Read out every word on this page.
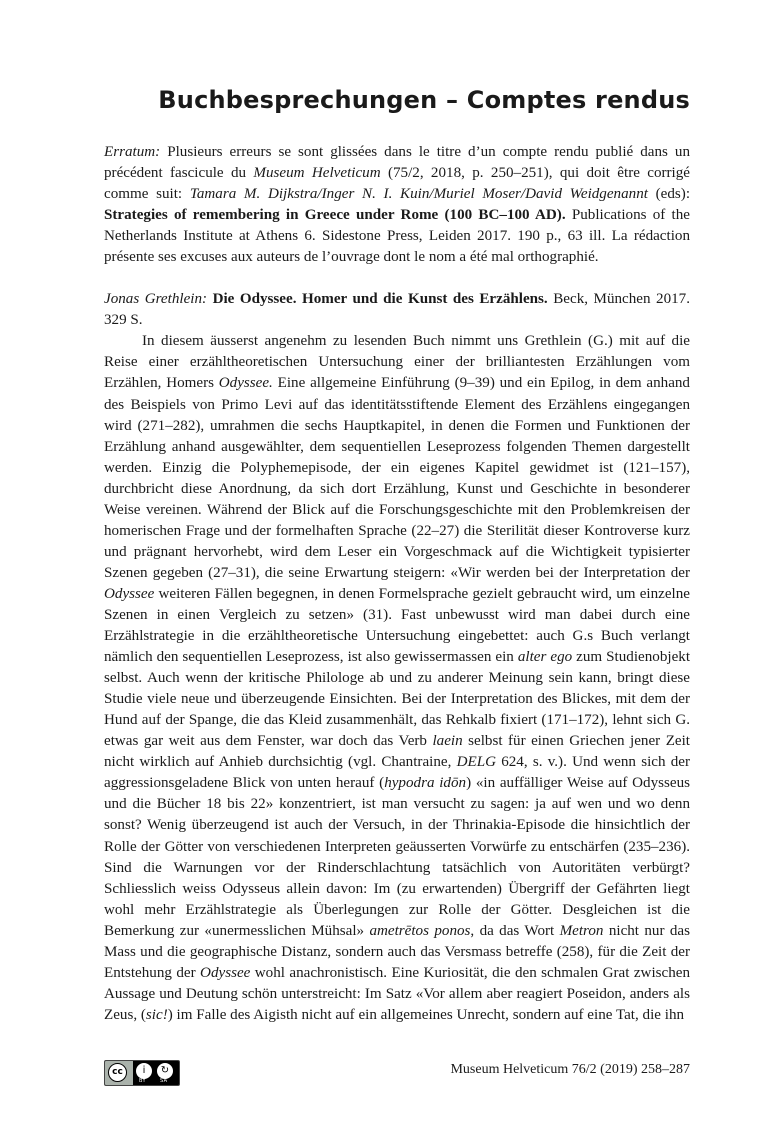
Buchbesprechungen – Comptes rendus

Erratum: Plusieurs erreurs se sont glissées dans le titre d’un compte rendu publié dans un précédent fascicule du Museum Helveticum (75/2, 2018, p. 250–251), qui doit être corrigé comme suit: Tamara M. Dijkstra/Inger N. I. Kuin/Muriel Moser/David Weidgenannt (eds): Strategies of remembering in Greece under Rome (100 BC–100 AD). Publications of the Netherlands Institute at Athens 6. Sidestone Press, Leiden 2017. 190 p., 63 ill. La rédaction présente ses excuses aux auteurs de l’ouvrage dont le nom a été mal orthographié.

Jonas Grethlein: Die Odyssee. Homer und die Kunst des Erzählens. Beck, München 2017. 329 S.

In diesem äusserst angenehm zu lesenden Buch nimmt uns Grethlein (G.) mit auf die Reise einer erzähltheoretischen Untersuchung einer der brilliantesten Erzählungen vom Erzählen, Homers Odyssee. Eine allgemeine Einführung (9–39) und ein Epilog, in dem anhand des Beispiels von Primo Levi auf das identitätsstiftende Element des Erzählens eingegangen wird (271–282), umrahmen die sechs Hauptkapitel, in denen die Formen und Funktionen der Erzählung anhand ausgewählter, dem sequentiellen Leseprozess folgenden Themen dargestellt werden. Einzig die Polyphemepisode, der ein eigenes Kapitel gewidmet ist (121–157), durchbricht diese Anordnung, da sich dort Erzählung, Kunst und Geschichte in besonderer Weise vereinen. Während der Blick auf die Forschungsgeschichte mit den Problemkreisen der homerischen Frage und der formelhaften Sprache (22–27) die Sterilität dieser Kontroverse kurz und prägnant hervorhebt, wird dem Leser ein Vorgeschmack auf die Wichtigkeit typisierter Szenen gegeben (27–31), die seine Erwartung steigern: «Wir werden bei der Interpretation der Odyssee weiteren Fällen begegnen, in denen Formelsprache gezielt gebraucht wird, um einzelne Szenen in einen Vergleich zu setzen» (31). Fast unbewusst wird man dabei durch eine Erzählstrategie in die erzähltheoretische Untersuchung eingebettet: auch G.s Buch verlangt nämlich den sequentiellen Leseprozess, ist also gewissermassen ein alter ego zum Studienobjekt selbst. Auch wenn der kritische Philologe ab und zu anderer Meinung sein kann, bringt diese Studie viele neue und überzeugende Einsichten. Bei der Interpretation des Blickes, mit dem der Hund auf der Spange, die das Kleid zusammenhält, das Rehkalb fixiert (171–172), lehnt sich G. etwas gar weit aus dem Fenster, war doch das Verb laein selbst für einen Griechen jener Zeit nicht wirklich auf Anhieb durchsichtig (vgl. Chantraine, DELG 624, s. v.). Und wenn sich der aggressionsgeladene Blick von unten herauf (hypodra idōn) «in auffälliger Weise auf Odysseus und die Bücher 18 bis 22» konzentriert, ist man versucht zu sagen: ja auf wen und wo denn sonst? Wenig überzeugend ist auch der Versuch, in der Thrinakia-Episode die hinsichtlich der Rolle der Götter von verschiedenen Interpreten geäusserten Vorwürfe zu entschärfen (235–236). Sind die Warnungen vor der Rinderschlachtung tatsächlich von Autoritäten verbürgt? Schliesslich weiss Odysseus allein davon: Im (zu erwartenden) Übergriff der Gefährten liegt wohl mehr Erzählstrategie als Überlegungen zur Rolle der Götter. Desgleichen ist die Bemerkung zur «unermesslichen Mühsal» ametrētos ponos, da das Wort Metron nicht nur das Mass und die geographische Distanz, sondern auch das Versmass betreffe (258), für die Zeit der Entstehung der Odyssee wohl anachronistisch. Eine Kuriosität, die den schmalen Grat zwischen Aussage und Deutung schön unterstreicht: Im Satz «Vor allem aber reagiert Poseidon, anders als Zeus, (sic!) im Falle des Aigisth nicht auf ein allgemeines Unrecht, sondern auf eine Tat, die ihn

cc	i	↻
BY	SA
Museum Helveticum 76/2 (2019) 258–287
